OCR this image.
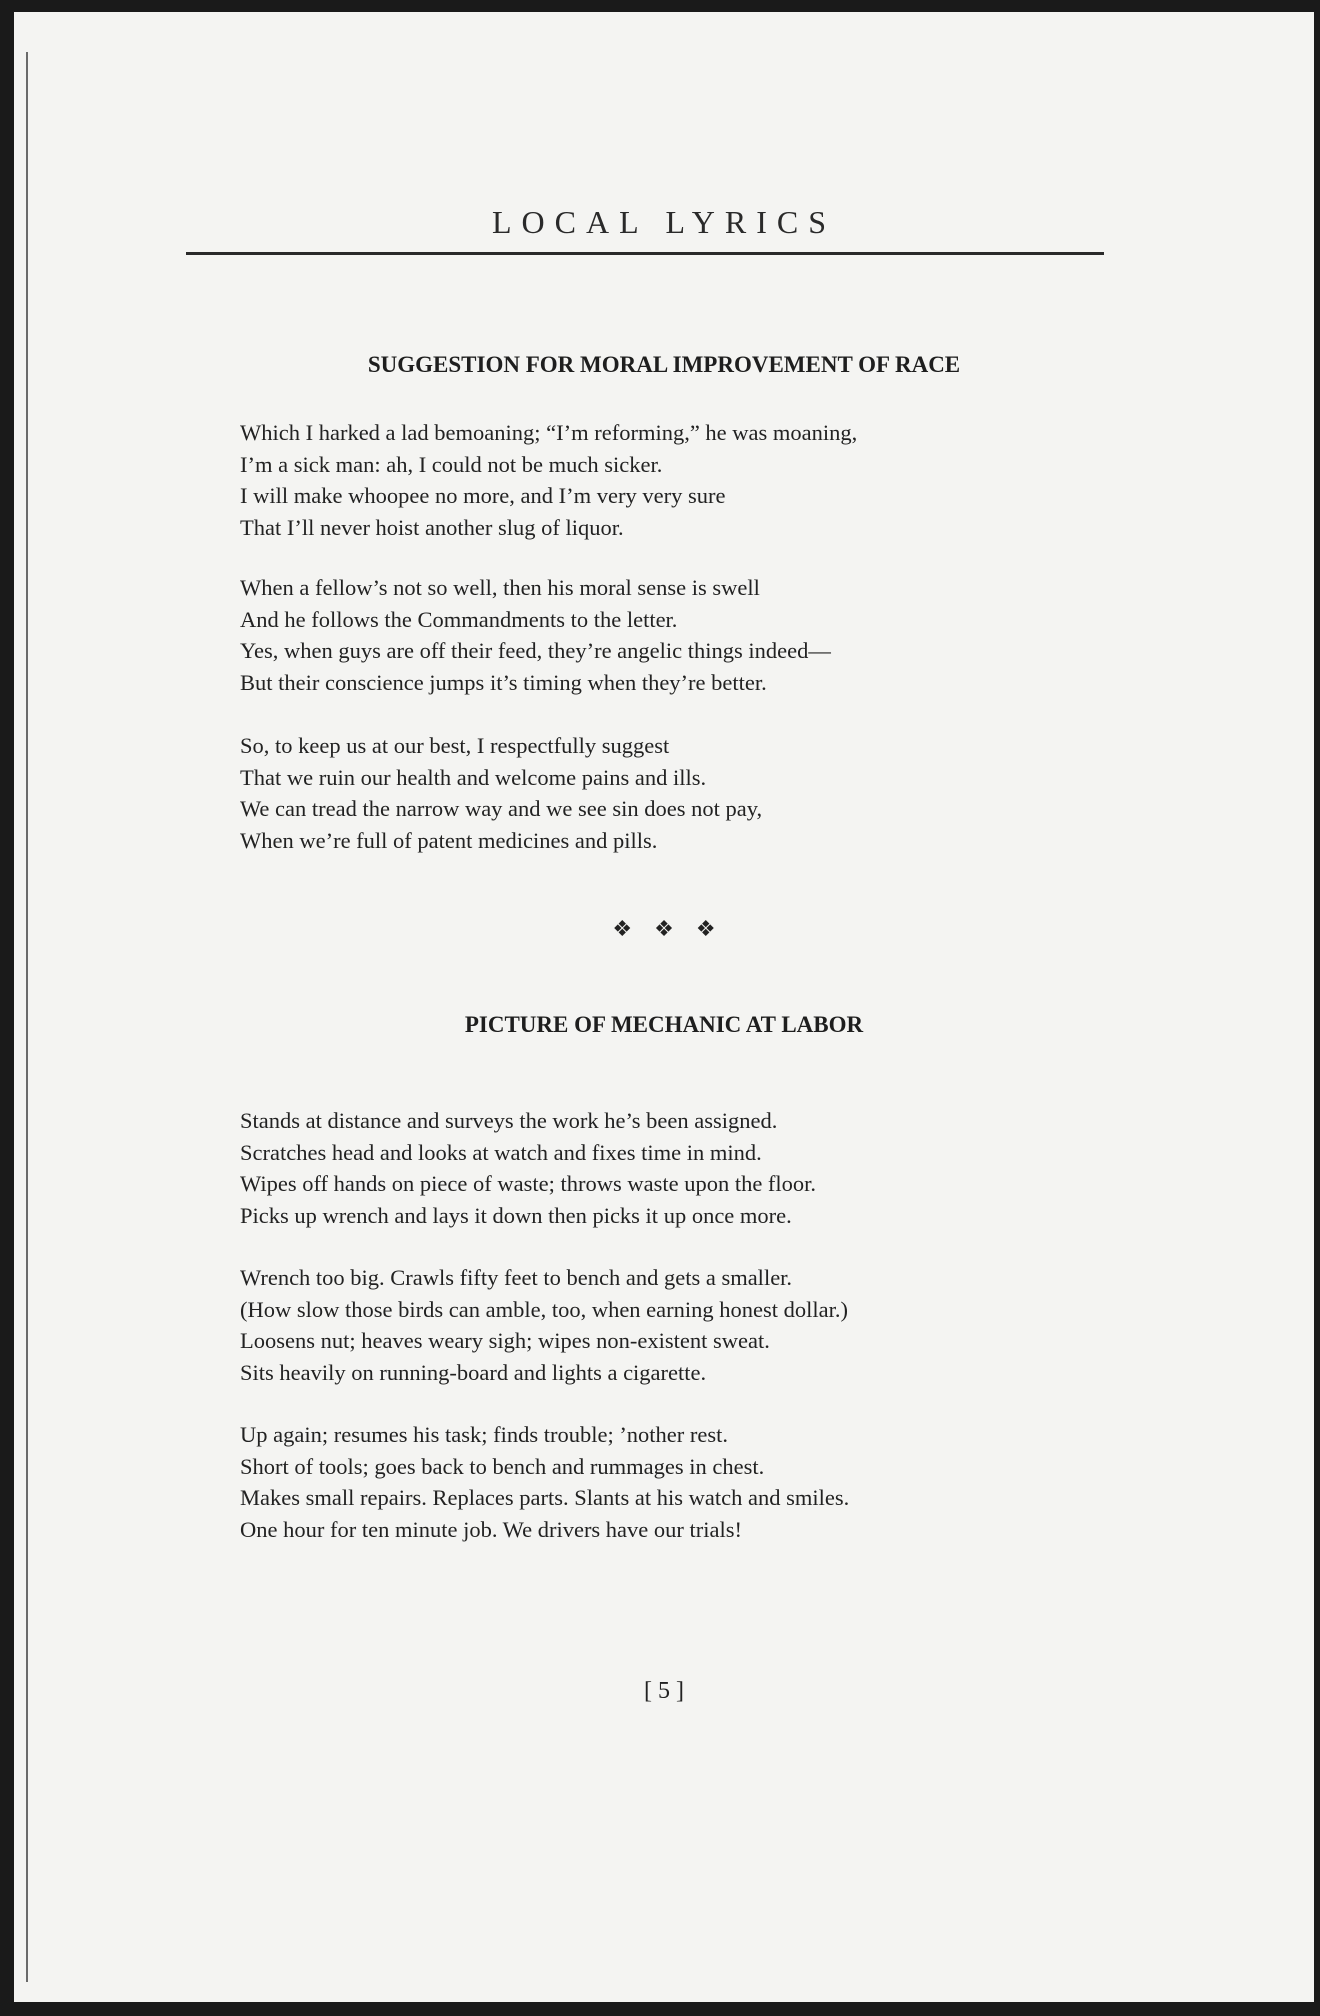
LOCAL LYRICS
SUGGESTION FOR MORAL IMPROVEMENT OF RACE
Which I harked a lad bemoaning; “I’m reforming,” he was moaning,
I’m a sick man: ah, I could not be much sicker.
I will make whoopee no more, and I’m very very sure
That I’ll never hoist another slug of liquor.
When a fellow’s not so well, then his moral sense is swell
And he follows the Commandments to the letter.
Yes, when guys are off their feed, they’re angelic things indeed—
But their conscience jumps it’s timing when they’re better.
So, to keep us at our best, I respectfully suggest
That we ruin our health and welcome pains and ills.
We can tread the narrow way and we see sin does not pay,
When we’re full of patent medicines and pills.
❖❖❖
PICTURE OF MECHANIC AT LABOR
Stands at distance and surveys the work he’s been assigned.
Scratches head and looks at watch and fixes time in mind.
Wipes off hands on piece of waste; throws waste upon the floor.
Picks up wrench and lays it down then picks it up once more.
Wrench too big. Crawls fifty feet to bench and gets a smaller.
(How slow those birds can amble, too, when earning honest dollar.)
Loosens nut; heaves weary sigh; wipes non-existent sweat.
Sits heavily on running-board and lights a cigarette.
Up again; resumes his task; finds trouble; ’nother rest.
Short of tools; goes back to bench and rummages in chest.
Makes small repairs. Replaces parts. Slants at his watch and smiles.
One hour for ten minute job. We drivers have our trials!
[ 5 ]
